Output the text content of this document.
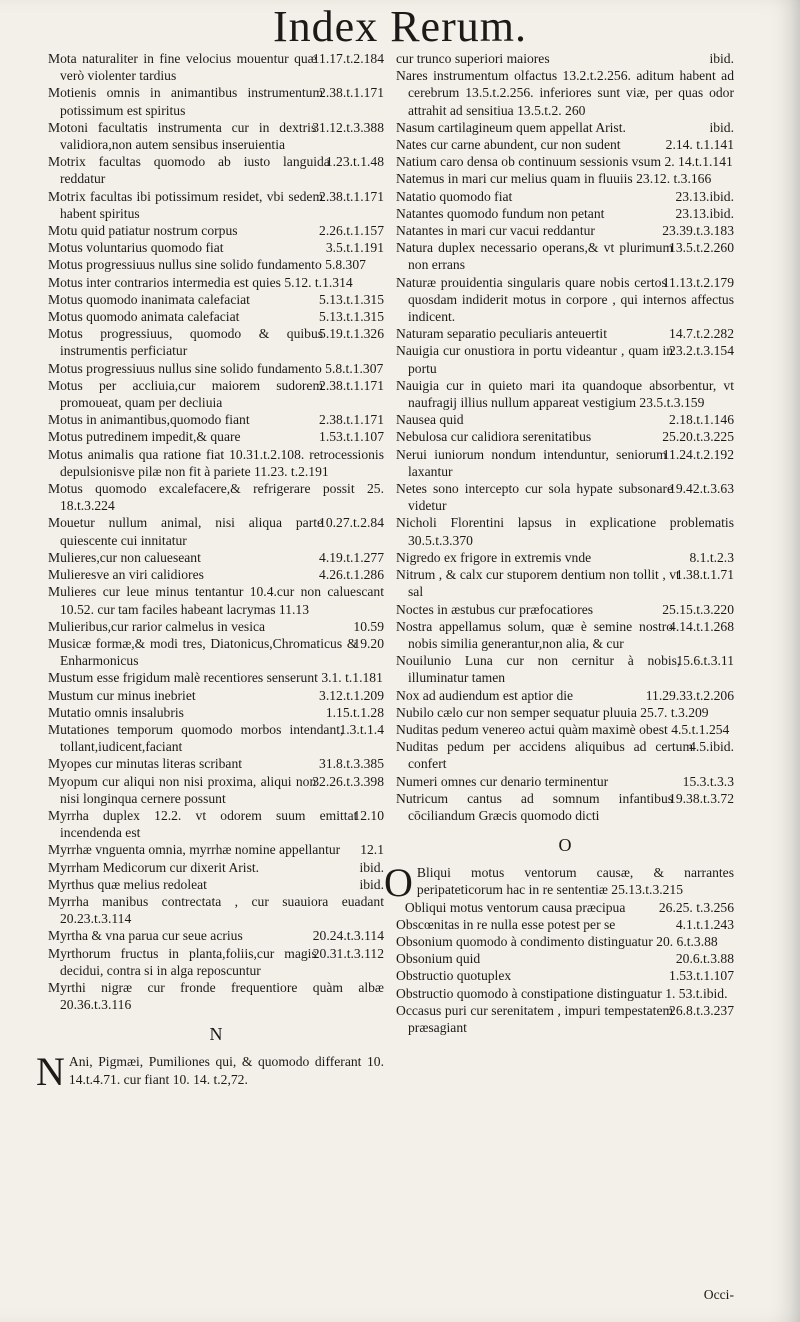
Index Rerum.
11.17.t.2.184
Mota naturaliter in fine velocius mouentur quæ verò violenter tardius
2.38.t.1.171
Motienis omnis in animantibus instrumentum potissimum est spiritus
31.12.t.3.388
Motoni facultatis instrumenta cur in dextris validiora,non autem sensibus inseruientia
1.23.t.1.48
Motrix facultas quomodo ab iusto languida reddatur
2.38.t.1.171
Motrix facultas ibi potissimum residet, vbi sedem habent spiritus
2.26.t.1.157
Motu quid patiatur nostrum corpus
3.5.t.1.191
Motus voluntarius quomodo fiat
Motus progressiuus nullus sine solido fundamento 5.8.307
Motus inter contrarios intermedia est quies 5.12. t.1.314
5.13.t.1.315
Motus quomodo inanimata calefaciat
5.13.t.1.315
Motus quomodo animata calefaciat
5.19.t.1.326
Motus progressiuus, quomodo & quibus instrumentis perficiatur
Motus progressiuus nullus sine solido fundamento 5.8.t.1.307
2.38.t.1.171
Motus per accliuia,cur maiorem sudorem promoueat, quam per decliuia
2.38.t.1.171
Motus in animantibus,quomodo fiant
1.53.t.1.107
Motus putredinem impedit,& quare
Motus animalis qua ratione fiat 10.31.t.2.108. retrocessionis depulsionisve pilæ non fit à pariete 11.23. t.2.191
Motus quomodo excalefacere,& refrigerare possit 25. 18.t.3.224
10.27.t.2.84
Mouetur nullum animal, nisi aliqua parte quiescente cui innitatur
4.19.t.1.277
Mulieres,cur non calueseant
4.26.t.1.286
Mulieresve an viri calidiores
Mulieres cur leue minus tentantur 10.4.cur non caluescant 10.52. cur tam faciles habeant lacrymas 11.13
10.59
Mulieribus,cur rarior calmelus in vesica
19.20
Musicæ formæ,& modi tres, Diatonicus,Chromaticus & Enharmonicus
Mustum esse frigidum malè recentiores senserunt 3.1. t.1.181
3.12.t.1.209
Mustum cur minus inebriet
1.15.t.1.28
Mutatio omnis insalubris
1.3.t.1.4
Mutationes temporum quomodo morbos intendant, tollant,iudicent,faciant
31.8.t.3.385
Myopes cur minutas literas scribant
32.26.t.3.398
Myopum cur aliqui non nisi proxima, aliqui non nisi longinqua cernere possunt
12.10
Myrrha duplex 12.2. vt odorem suum emittat incendenda est
12.1
Myrrhæ vnguenta omnia, myrrhæ nomine appellantur
ibid.
Myrrham Medicorum cur dixerit Arist.
ibid.
Myrthus quæ melius redoleat
Myrrha manibus contrectata , cur suauiora euadant 20.23.t.3.114
20.24.t.3.114
Myrtha & vna parua cur seue acrius
20.31.t.3.112
Myrthorum fructus in planta,foliis,cur magis decidui, contra si in alga reposcuntur
Myrthi nigræ cur fronde frequentiore quàm albæ 20.36.t.3.116
N
N Ani, Pigmæi, Pumiliones qui, & quomodo differant 10. 14.t.4.71. cur fiant 10. 14. t.2,72.
ibid.
cur trunco superiori maiores
Nares instrumentum olfactus 13.2.t.2.256. aditum habent ad cerebrum 13.5.t.2.256. inferiores sunt viæ, per quas odor attrahit ad sensitiua 13.5.t.2. 260
ibid.
Nasum cartilagineum quem appellat Arist.
2.14. t.1.141
Nates cur carne abundent, cur non sudent
Natium caro densa ob continuum sessionis vsum 2. 14.t.1.141
Natemus in mari cur melius quam in fluuiis 23.12. t.3.166
23.13.ibid.
Natatio quomodo fiat
23.13.ibid.
Natantes quomodo fundum non petant
23.39.t.3.183
Natantes in mari cur vacui reddantur
13.5.t.2.260
Natura duplex necessario operans,& vt plurimum non errans
11.13.t.2.179
Naturæ prouidentia singularis quare nobis certos quosdam indiderit motus in corpore , qui internos affectus indicent.
14.7.t.2.282
Naturam separatio peculiaris anteuertit
23.2.t.3.154
Nauigia cur onustiora in portu videantur , quam in portu
Nauigia cur in quieto mari ita quandoque absorbentur, vt naufragij illius nullum appareat vestigium 23.5.t.3.159
2.18.t.1.146
Nausea quid
25.20.t.3.225
Nebulosa cur calidiora serenitatibus
11.24.t.2.192
Nerui iuniorum nondum intenduntur, seniorum laxantur
19.42.t.3.63
Netes sono intercepto cur sola hypate subsonare videtur
Nicholi Florentini lapsus in explicatione problematis 30.5.t.3.370
8.1.t.2.3
Nigredo ex frigore in extremis vnde
1.38.t.1.71
Nitrum , & calx cur stuporem dentium non tollit , vt sal
25.15.t.3.220
Noctes in æstubus cur præfocatiores
4.14.t.1.268
Nostra appellamus solum, quæ è semine nostro nobis similia generantur,non alia, & cur
15.6.t.3.11
Nouilunio Luna cur non cernitur à nobis, illuminatur tamen
11.29.33.t.2.206
Nox ad audiendum est aptior die
Nubilo cælo cur non semper sequatur pluuia 25.7. t.3.209
Nuditas pedum venereo actui quàm maximè obest 4.5.t.1.254
4.5.ibid.
Nuditas pedum per accidens aliquibus ad certum confert
15.3.t.3.3
Numeri omnes cur denario terminentur
19.38.t.3.72
Nutricum cantus ad somnum infantibus cōciliandum Græcis quomodo dicti
O
O Bliqui motus ventorum causæ, & narrantes peripateticorum hac in re sententiæ 25.13.t.3.215
26.25. t.3.256
Obliqui motus ventorum causa præcipua
4.1.t.1.243
Obscœnitas in re nulla esse potest per se
Obsonium quomodo à condimento distinguatur 20. 6.t.3.88
20.6.t.3.88
Obsonium quid
1.53.t.1.107
Obstructio quotuplex
Obstructio quomodo à constipatione distinguatur 1. 53.t.ibid.
26.8.t.3.237
Occasus puri cur serenitatem , impuri tempestatem præsagiant
Occi-
